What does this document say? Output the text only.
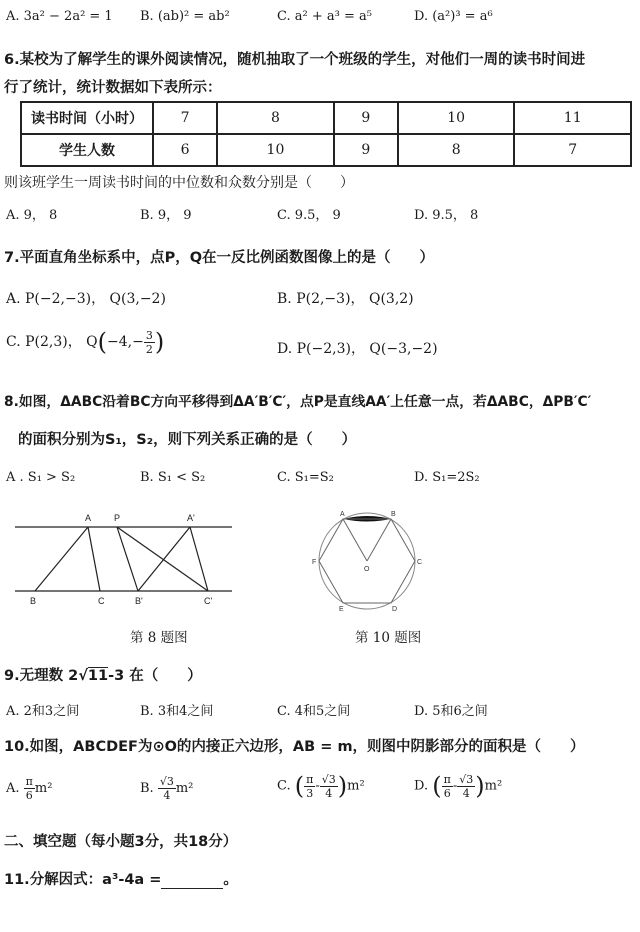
A. 3a² − 2a² = 1 B. (ab)² = ab²	C. a² + a³ = a⁵	D. (a²)³ = a⁶
6.某校为了解学生的课外阅读情况，随机抽取了一个班级的学生，对他们一周的读书时间进
行了统计，统计数据如下表所示：
读书时间（小时）	7	8	9	10	11
学生人数	6	10	9	8	7
则该班学生一周读书时间的中位数和众数分别是（　　）
A. 9， 8	B. 9， 9	C. 9.5， 9	D. 9.5， 8
7.平面直角坐标系中，点P，Q在一反比例函数图像上的是（　　）
A. P(−2,−3)， Q(3,−2)	B. P(2,−3)， Q(3,2)
C. P(2,3)， $Q(-4,- \frac{3}{2}$ )	D. P(−2,3)， Q(−3,−2)
8.如图，ΔABC沿着BC方向平移得到ΔA′B′C′，点P是直线AA′上任意一点，若ΔABC，ΔPB′C′
的面积分别为S₁，S₂，则下列关系正确的是（　　）
A . S₁ > S₂	B. S₁ < S₂	C. S₁=S₂	D. S₁=2S₂
A	P	A'
B	C	B'	C'
第 8 题图
A	B
C
D
E
F
O
第 10 题图
9.无理数 2√11-3 在（　　）
A. 2和3之间	B. 3和4之间	C. 4和5之间	D. 5和6之间
10.如图，ABCDEF为⊙O的内接正六边形，AB = m，则图中阴影部分的面积是（　　）
A. $\frac{\pi}{6} m^2$	B. $\frac{√3}{4} m^2$	C. ( $\frac{\pi}{3} - \frac{√3}{4} )m^2$	D. ( $\frac{\pi}{6} - \frac{√3}{4} )m^2$
二、填空题（每小题3分，共18分）
11.分解因式：a³-4a =	。
